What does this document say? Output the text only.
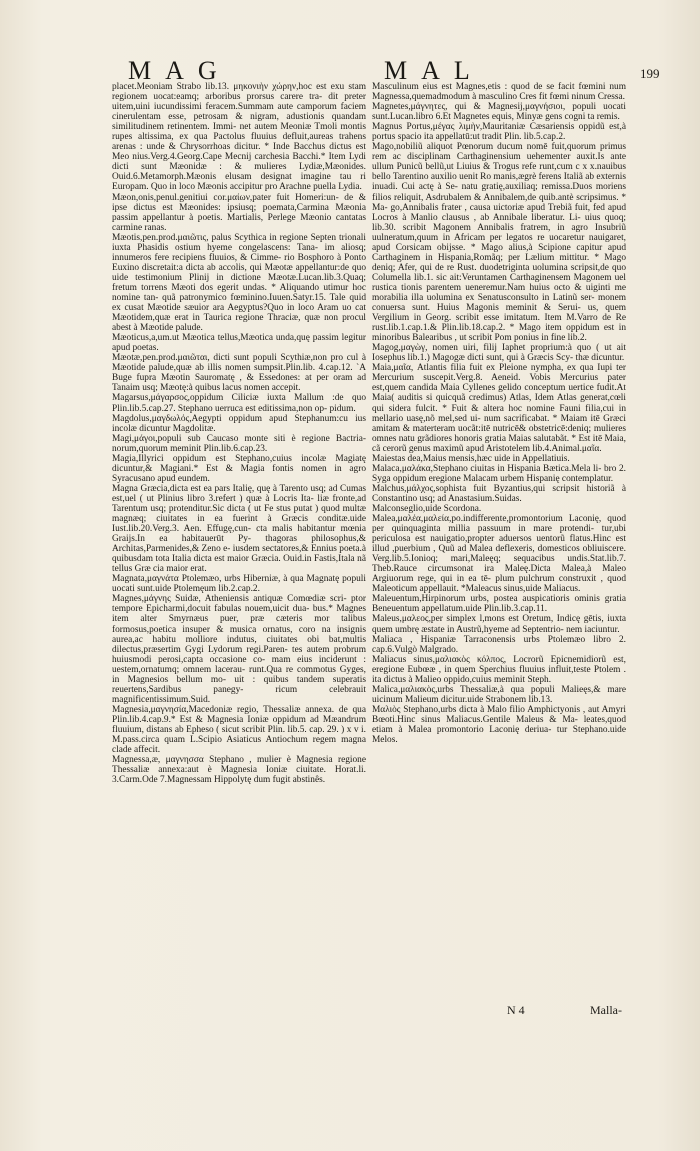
MAG	MAL	199

placet.Meoniam Strabo lib.13. μηκονιὴν χώρην,hoc est exu stam regionem uocat:eamq; arboribus prorsus carere tra- dit preter uitem,uini iucundissimi feracem.Summam aute camporum faciem cinerulentam esse, petrosam & nigram, adustionis quandam similitudinem retinentem. Immi- net autem Meoniæ Tmoli montis rupes altissima, ex qua Pactolus fluuius defluit,aureas trahens arenas : unde & Chrysorrhoas dicitur. * Inde Bacchus dictus est Meo nius.Verg.4.Georg.Cape Mecnij carchesia Bacchi.* Item Lydi dicti sunt Mæonidæ : & mulieres Lydiæ,Mæonides. Ouid.6.Metamorph.Mæonis elusam designat imagine tau ri Europam. Quo in loco Mæonis accipitur pro Arachne puella Lydia.

Mæon,onis,penul.genitiui cor.μαίων,pater fuit Homeri:un- de & ipse dictus est Mæonides: ipsiusq; poemata,Carmina Mæonia passim appellantur à poetis. Martialis, Perlege Mæonio cantatas carmine ranas.

Mæotis,pen.prod.μαιῶτις, palus Scythica in regione Septen trionali iuxta Phasidis ostium hyeme congelascens: Tana- im aliosq; innumeros fere recipiens fluuios, & Cimme- rio Bosphoro à Ponto Euxino discretait:a dicta ab accolis, qui Mæotæ appellantur:de quo uide testimonium Plinij in dictione Mæotæ.Lucan.lib.3.Quaq; fretum torrens Mæoti dos egerit undas. * Aliquando utimur hoc nomine tan- quã patronymico fœminino.Iuuen.Satyr.15. Tale quid ex cusat Mæotide sæuior ara Aegyptus?Quo in loco Aram uo cat Mæotidem,quæ erat in Taurica regione Thraciæ, quæ non procul abest à Mæotide palude.

Mæoticus,a,um.ut Mæotica tellus,Mæotica unda,quę passim legitur apud poetas.

Mæotæ,pen.prod.μαιῶται, dicti sunt populi Scythiæ,non pro cul à Mæotide palude,quæ ab illis nomen sumpsit.Plin.lib. 4.cap.12. `A Buge fupra Mæotin Sauromatę , & Essedones: at per oram ad Tanaim usq; Mæotę:à quibus lacus nomen accepit.

Magarsus,μάγαρσος,oppidum Ciliciæ iuxta Mallum :de quo Plin.lib.5.cap.27. Stephano uerruca est editissima,non op- pidum.

Magdolus,μαγδωλός,Aegypti oppidum apud Stephanum:cu ius incolæ dicuntur Magdolitæ.

Magi,μάγοι,populi sub Caucaso monte siti è regione Bactria- norum,quorum meminit Plin.lib.6.cap.23.

Magia,Illyrici oppidum est Stephano,cuius incolæ Magiatę dicuntur,& Magiani.* Est & Magia fontis nomen in agro Syracusano apud eundem.

Magna Græcia,dicta est ea pars Italię, quę à Tarento usq; ad Cumas est,uel ( ut Plinius libro 3.refert ) quæ à Locris Ita- liæ fronte,ad Tarentum usq; protenditur.Sic dicta ( ut Fe stus putat ) quod multæ magnæq; ciuitates in ea fuerint à Græcis conditæ.uide Iust.lib.20.Verg.3. Aen. Effugę,cun- cta malis habitantur mœnia Graijs.In ea habitauerūt Py- thagoras philosophus,& Architas,Parmenides,& Zeno e- iusdem sectatores,& Ennius poeta.à quibusdam tota Italia dicta est maior Græcia. Ouid.in Fastis,Itala nã tellus Græ cia maior erat.

Magnata,μαγνάτα Ptolemæo, urbs Hiberniæ, à qua Magnatę populi uocati sunt.uide Ptolemęum lib.2.cap.2.

Magnes,μάγνης Suidæ, Atheniensis antiquæ Comœdiæ scri- ptor tempore Epicharmi,docuit fabulas nouem,uicit dua- bus.* Magnes item alter Smyrnæus puer, præ cæteris mor talibus formosus,poetica insuper & musica ornatus, coro na insignis aurea,ac habitu molliore indutus, ciuitates obi bat,multis dilectus,præsertim Gygi Lydorum regi.Paren- tes autem probrum huiusmodi perosi,capta occasione co- mam eius inciderunt : uestem,ornatumq; omnem lacerau- runt.Qua re commotus Gyges, in Magnesios bellum mo- uit : quibus tandem superatis reuertens,Sardibus panegy- ricum celebrauit magnificentissimum.Suid.

Magnesia,μαγνησία,Macedoniæ regio, Thessaliæ annexa. de qua Plin.lib.4.cap.9.* Est & Magnesia Ioniæ oppidum ad Mæandrum fluuium, distans ab Epheso ( sicut scribit Plin. lib.5. cap. 29. ) x v i. M.pass.circa quam L.Scipio Asiaticus Antiochum regem magna clade affecit.

Magnessa,æ, μαγνησσα Stephano , mulier è Magnesia regione Thessaliæ annexa:aut è Magnesia Ioniæ ciuitate. Horat.li. 3.Carm.Ode 7.Magnessam Hippolytę dum fugit abstinês.

Masculinum eius est Magnes,etis : quod de se facit fœmini num Magnessa,quemadmodum à masculino Cres fit fœmi ninum Cressa.

Magnetes,μάγνητες, qui & Magnesij,μαγνήσιοι, populi uocati sunt.Lucan.libro 6.Et Magnetes equis, Minyæ gens cogni ta remis.

Magnus Portus,μέγας λιμὴν,Mauritaniæ Cæsariensis oppidũ est,à portus spacio ita appellatū:ut tradit Plin. lib.5.cap.2.

Mago,nobiliũ aliquot Pœnorum ducum nomē fuit,quorum primus rem ac disciplinam Carthaginensium uehementer auxit.Is ante ullum Punicũ bellũ,ut Liuius & Trogus refe runt,cum c x x.nauibus bello Tarentino auxilio uenit Ro manis,ægrè ferens Italiã ab externis inuadi. Cui actę à Se- natu gratię,auxiliaq; remissa.Duos moriens filios reliquit, Asdrubalem & Annibalem,de quib.antè scripsimus. * Ma- go,Annibalis frater , causa uictoriæ apud Trebiã fuit, fed apud Locros à Manlio clausus , ab Annibale liberatur. Li- uius quoq; lib.30. scribit Magonem Annibalis fratrem, in agro Insubriũ uulneratum,quum in Africam per legatos re uocaretur nauigaret, apud Corsicam obijsse. * Mago alius,à Scipione capitur apud Carthaginem in Hispania,Romãq; per Lælium mittitur. * Mago deniq; Afer, qui de re Rust. duodetriginta uolumina scripsit,de quo Columella lib.1. sic ait:Veruntamen Carthaginensem Magonem uel rustica tionis parentem ueneremur.Nam huius octo & uiginti me morabilia illa uolumina ex Senatusconsulto in Latinũ ser- monem conuersa sunt. Huius Magonis meminit & Serui- us, quem Vergilium in Georg. scribit esse imitatum. Item M.Varro de Re rust.lib.1.cap.1.& Plin.lib.18.cap.2. * Mago item oppidum est in minoribus Balearibus , ut scribit Pom ponius in fine lib.2.

Magog,μαγὼγ, nomen uiri, filij Iaphet proprium:à quo ( ut ait Iosephus lib.1.) Magogæ dicti sunt, qui à Græcis Scy- thæ dicuntur.

Maia,μαῖα, Atlantis filia fuit ex Pleione nympha, ex qua Iupi ter Mercurium suscepit.Verg.8. Aeneid. Vobis Mercurius pater est,quem candida Maia Cyllenes gelido conceptum uertice fudit.At Maia( auditis si quicquã credimus) Atlas, Idem Atlas generat,cœli qui sidera fulcit. * Fuit & altera hoc nomine Fauni filia,cui in mellario uasę,nõ mel,sed ui- num sacrificabat. * Maiam itē Græci amitam & materteram uocãt:itē nutricē& obstetricē:deniq; mulieres omnes natu grãdiores honoris gratia Maias salutabãt. * Est itē Maia, cã cerorũ genus maximũ apud Aristotelem lib.4.Animal.μαῖα.

Maiestas dea,Maius mensis,hæc uide in Appellatiuis.

Malaca,μαλάκα,Stephano ciuitas in Hispania Bætica.Mela li- bro 2. Syga oppidum eregione Malacam urbem Hispanię contemplatur.

Malchus,μάλχος,sophista fuit Byzantius,qui scripsit historiã à Constantino usq; ad Anastasium.Suidas.

Malconseglio,uide Scordona.

Malea,μαλέα,μαλεία,po.indifferente,promontorium Laconię, quod per quinquaginta millia passuum in mare protendi- tur,ubi periculosa est nauigatio,propter aduersos uentorũ flatus.Hinc est illud ,puerbium , Quũ ad Malea deflexeris, domesticos obliuiscere. Verg.lib.5.Ionioq; mari,Maleęq; sequacibus undis.Stat.lib.7. Theb.Rauce circumsonat ira Maleę.Dicta Malea,à Maleo Argiuorum rege, qui in ea tē- plum pulchrum construxit , quod Maleoticum appellauit. *Maleacus sinus,uide Maliacus.

Maleuentum,Hirpinorum urbs, postea auspicatioris ominis gratia Beneuentum appellatum.uide Plin.lib.3.cap.11.

Maleus,μαλεος,per simplex l,mons est Oretum, Indicę gētis, iuxta quem umbrę æstate in Austrũ,hyeme ad Septentrio- nem iaciuntur.

Maliaca , Hispaniæ Tarraconensis urbs Ptolemæo libro 2. cap.6.Vulgò Malgrado.

Maliacus sinus,μαλιακὸς κόλπος, Locrorũ Epicnemidiorũ est, eregione Eubœæ , in quem Sperchius fluuius influit,teste Ptolem . ita dictus à Malieo oppido,cuius meminit Steph.

Malica,μαλιακὸς,urbs Thessaliæ,à qua populi Malieęs,& mare uicinum Malieum dicitur.uide Strabonem lib.13.

Μαλιὸς Stephano,urbs dicta à Malo filio Amphictyonis , aut Amyri Bœoti.Hinc sinus Maliacus.Gentile Maleus & Ma- leates,quod etiam à Malea promontorio Laconię deriua- tur Stephano.uide Melos.

N 4	Malla-
